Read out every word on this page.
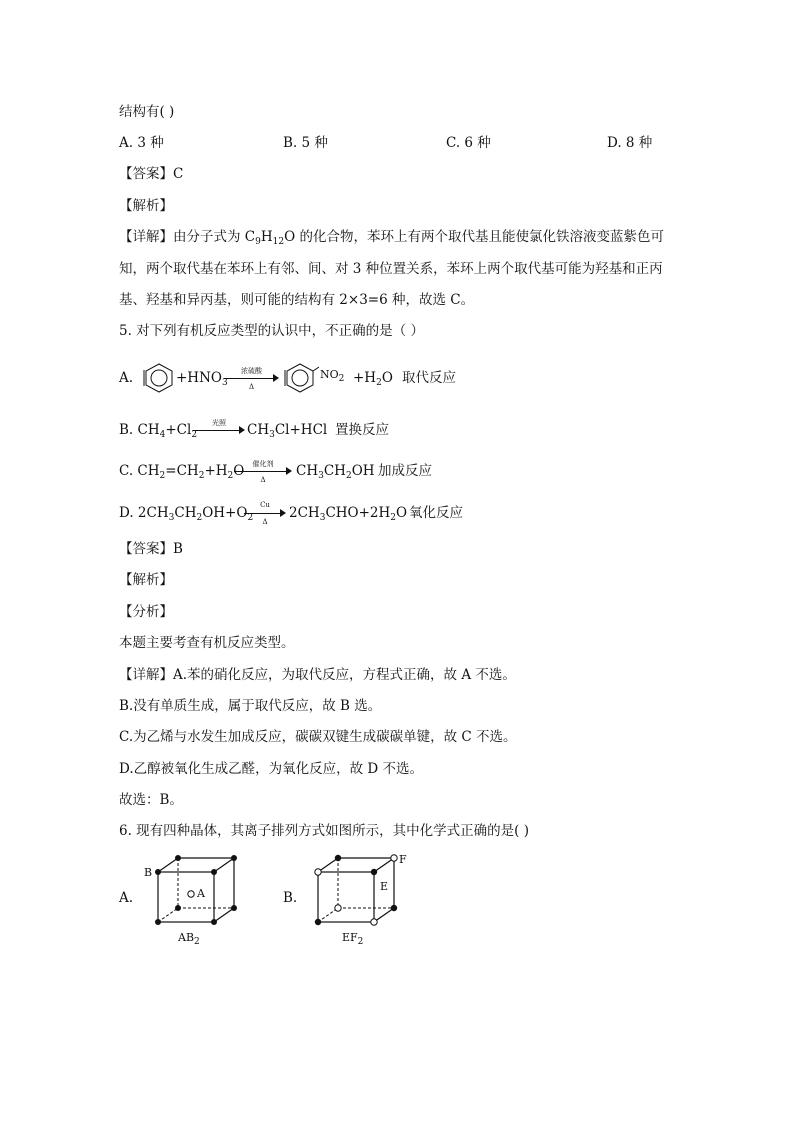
结构有( )
A. 3 种	B. 5 种	C. 6 种	D. 8 种
【答案】C
【解析】
【详解】由分子式为 $C_9H_{12}O$ 的化合物，苯环上有两个取代基且能使氯化铁溶液变蓝紫色可
知，两个取代基在苯环上有邻、间、对 3 种位置关系，苯环上两个取代基可能为羟基和正丙
基、羟基和异丙基，则可能的结构有 2×3=6 种，故选 C。
5. 对下列有机反应类型的认识中，不正确的是（ ）
A.	$+HNO_3$
浓硫酸
Δ
$NO_2 +H_2O$ 取代反应
B. $CH_4+Cl_2$
光照	$CH_3Cl+HCl$ 置换反应
C. $CH_2=CH_2+H_2O$	催化剂
Δ
$CH_3CH_2OH$ 加成反应
D. $2CH_3CH_2OH+O_2$
Cu
Δ
$2CH_3CHO+2H_2O$ 氧化反应
【答案】B
【解析】
【分析】
本题主要考查有机反应类型。
【详解】A.苯的硝化反应，为取代反应，方程式正确，故 A 不选。
B.没有单质生成，属于取代反应，故 B 选。
C.为乙烯与水发生加成反应，碳碳双键生成碳碳单键，故 C 不选。
D.乙醇被氧化生成乙醛，为氧化反应，故 D 不选。
故选：B。
6. 现有四种晶体，其离子排列方式如图所示，其中化学式正确的是( )
A.
B
A
$AB_2$
B.
F
E
$EF_2$
